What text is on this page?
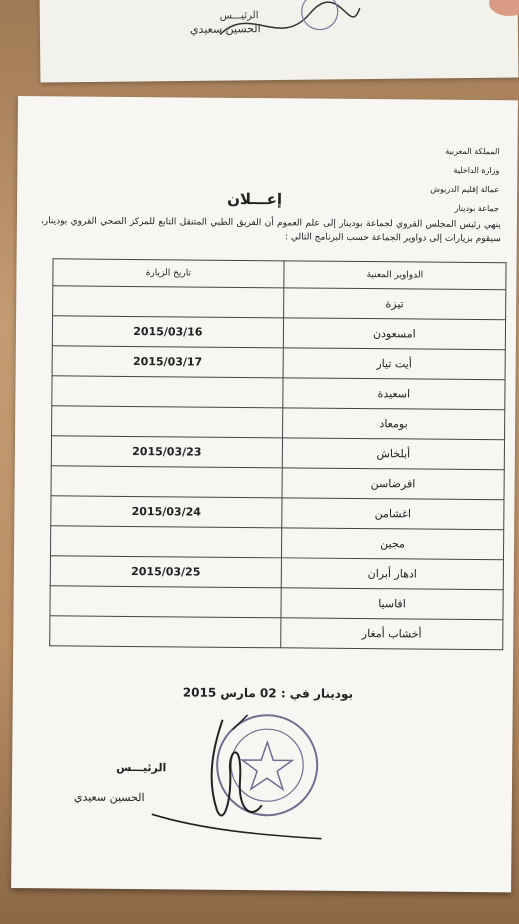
الرئيـــس
الحسين سعيدي
المملكة المغربية
وزارة الداخلية
عمالة إقليم الدريوش
جماعة بودينار
إعـــلان
ينهي رئيس المجلس القروي لجماعة بودينار إلى علم العموم أن الفريق الطبي المتنقل التابع للمركز الصحي القروي بودينار، سيقوم بزيارات إلى دواوير الجماعة حسب البرنامج التالي :
الدواوير المعنية	تاريخ الزيارة
تيزة	
امسعودن	2015/03/16
أيت تيار	2015/03/17
اسعيدة	
بومعاد	
أبلخاش	2015/03/23
افرضاسن	
اغشامن	2015/03/24
مجين	
ادهار أبران	2015/03/25
افاسيا	
أخشاب أمغار	
بودينار في : 02 مارس 2015
الرئيـــس
الحسين سعيدي
